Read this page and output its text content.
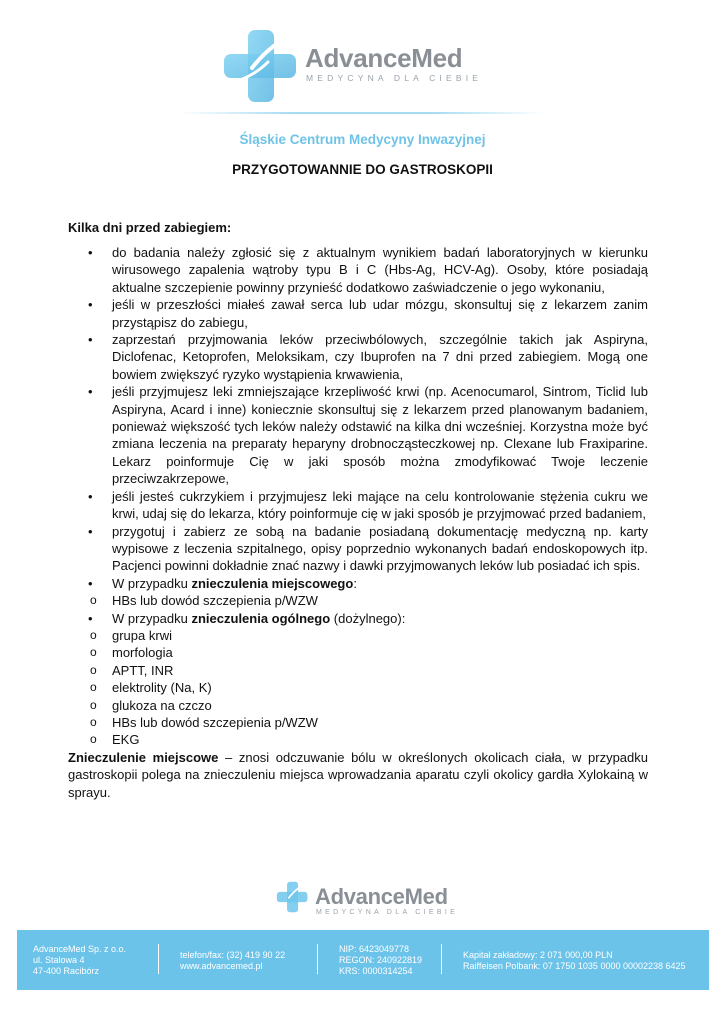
AdvanceMed
MEDYCYNA DLA CIEBIE
Śląskie Centrum Medycyny Inwazyjnej
PRZYGOTOWANNIE DO GASTROSKOPII
Kilka dni przed zabiegiem:
• do badania należy zgłosić się z aktualnym wynikiem badań laboratoryjnych w kierunku wirusowego zapalenia wątroby typu B i C (Hbs-Ag, HCV-Ag). Osoby, które posiadają aktualne szczepienie powinny przynieść dodatkowo zaświadczenie o jego wykonaniu,
• jeśli w przeszłości miałeś zawał serca lub udar mózgu, skonsultuj się z lekarzem zanim przystąpisz do zabiegu,
• zaprzestań przyjmowania leków przeciwbólowych, szczególnie takich jak Aspiryna, Diclofenac, Ketoprofen, Meloksikam, czy Ibuprofen na 7 dni przed zabiegiem. Mogą one bowiem zwiększyć ryzyko wystąpienia krwawienia,
• jeśli przyjmujesz leki zmniejszające krzepliwość krwi (np. Acenocumarol, Sintrom, Ticlid lub Aspiryna, Acard i inne) koniecznie skonsultuj się z lekarzem przed planowanym badaniem, ponieważ większość tych leków należy odstawić na kilka dni wcześniej. Korzystna może być zmiana leczenia na preparaty heparyny drobnocząsteczkowej np. Clexane lub Fraxiparine. Lekarz poinformuje Cię w jaki sposób można zmodyfikować Twoje leczenie przeciwzakrzepowe,
• jeśli jesteś cukrzykiem i przyjmujesz leki mające na celu kontrolowanie stężenia cukru we krwi, udaj się do lekarza, który poinformuje cię w jaki sposób je przyjmować przed badaniem,
• przygotuj i zabierz ze sobą na badanie posiadaną dokumentację medyczną np. karty wypisowe z leczenia szpitalnego, opisy poprzednio wykonanych badań endoskopowych itp. Pacjenci powinni dokładnie znać nazwy i dawki przyjmowanych leków lub posiadać ich spis.
• W przypadku znieczulenia miejscowego:
o HBs lub dowód szczepienia p/WZW
• W przypadku znieczulenia ogólnego (dożylnego):
o grupa krwi
o morfologia
o APTT, INR
o elektrolity (Na, K)
o glukoza na czczo
o HBs lub dowód szczepienia p/WZW
o EKG

Znieczulenie miejscowe – znosi odczuwanie bólu w określonych okolicach ciała, w przypadku gastroskopii polega na znieczuleniu miejsca wprowadzania aparatu czyli okolicy gardła Xylokainą w sprayu.

AdvanceMed
MEDYCYNA DLA CIEBIE
AdvanceMed Sp. z o.o.
ul. Stalowa 4
47-400 Racibórz
telefon/fax: (32) 419 90 22
www.advancemed.pl
NIP: 6423049778
REGON: 240922819
KRS: 0000314254
Kapitał zakładowy: 2 071 000,00 PLN
Raiffeisen Polbank: 07 1750 1035 0000 00002238 6425
